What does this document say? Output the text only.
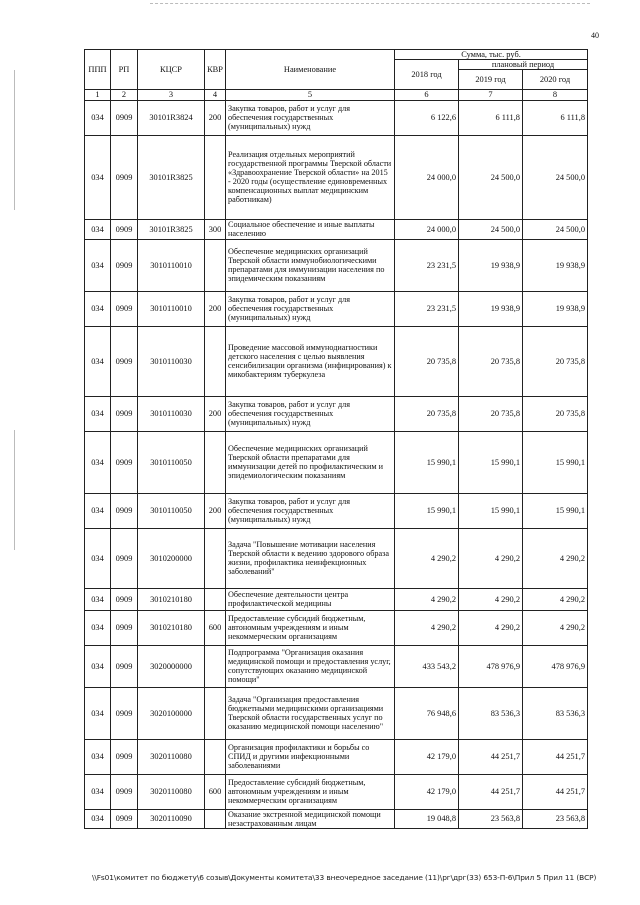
40
ППП	РП	КЦСР	КВР	Наименование	Сумма, тыс. руб.		
					2018 год	плановый период	
						2019 год	2020 год
1	2	3	4	5	6	7	8
034	0909	30101R3824	200	Закупка товаров, работ и услуг для обеспечения государственных (муниципальных) нужд	6 122,6	6 111,8	6 111,8
034	0909	30101R3825		Реализация отдельных мероприятий государственной программы Тверской области «Здравоохранение Тверской области» на 2015 - 2020 годы (осуществление единовременных компенсационных выплат медицинским работникам)	24 000,0	24 500,0	24 500,0
034	0909	30101R3825	300	Социальное обеспечение и иные выплаты населению	24 000,0	24 500,0	24 500,0
034	0909	3010110010		Обеспечение медицинских организаций Тверской области иммунобиологическими препаратами для иммунизации населения по эпидемическим показаниям	23 231,5	19 938,9	19 938,9
034	0909	3010110010	200	Закупка товаров, работ и услуг для обеспечения государственных (муниципальных) нужд	23 231,5	19 938,9	19 938,9
034	0909	3010110030		Проведение массовой иммунодиагностики детского населения с целью выявления сенсибилизации организма (инфицирования) к микобактериям туберкулеза	20 735,8	20 735,8	20 735,8
034	0909	3010110030	200	Закупка товаров, работ и услуг для обеспечения государственных (муниципальных) нужд	20 735,8	20 735,8	20 735,8
034	0909	3010110050		Обеспечение медицинских организаций Тверской области препаратами для иммунизации детей по профилактическим и эпидемиологическим показаниям	15 990,1	15 990,1	15 990,1
034	0909	3010110050	200	Закупка товаров, работ и услуг для обеспечения государственных (муниципальных) нужд	15 990,1	15 990,1	15 990,1
034	0909	3010200000		Задача "Повышение мотивации населения Тверской области к ведению здорового образа жизни, профилактика неинфекционных заболеваний"	4 290,2	4 290,2	4 290,2
034	0909	3010210180		Обеспечение деятельности центра профилактической медицины	4 290,2	4 290,2	4 290,2
034	0909	3010210180	600	Предоставление субсидий бюджетным, автономным учреждениям и иным некоммерческим организациям	4 290,2	4 290,2	4 290,2
034	0909	3020000000		Подпрограмма "Организация оказания медицинской помощи и предоставления услуг, сопутствующих оказанию медицинской помощи"	433 543,2	478 976,9	478 976,9
034	0909	3020100000		Задача "Организация предоставления бюджетными медицинскими организациями Тверской области государственных услуг по оказанию медицинской помощи населению"	76 948,6	83 536,3	83 536,3
034	0909	3020110080		Организация профилактики и борьбы со СПИД и другими инфекционными заболеваниями	42 179,0	44 251,7	44 251,7
034	0909	3020110080	600	Предоставление субсидий бюджетным, автономным учреждениям и иным некоммерческим организациям	42 179,0	44 251,7	44 251,7
034	0909	3020110090		Оказание экстренной медицинской помощи незастрахованным лицам	19 048,8	23 563,8	23 563,8
\\Fs01\комитет по бюджету\6 созыв\Документы комитета\33 внеочередное заседание (11)\рг\дрг(33) 653-П-6\Прил 5 Прил 11 (ВСР)
